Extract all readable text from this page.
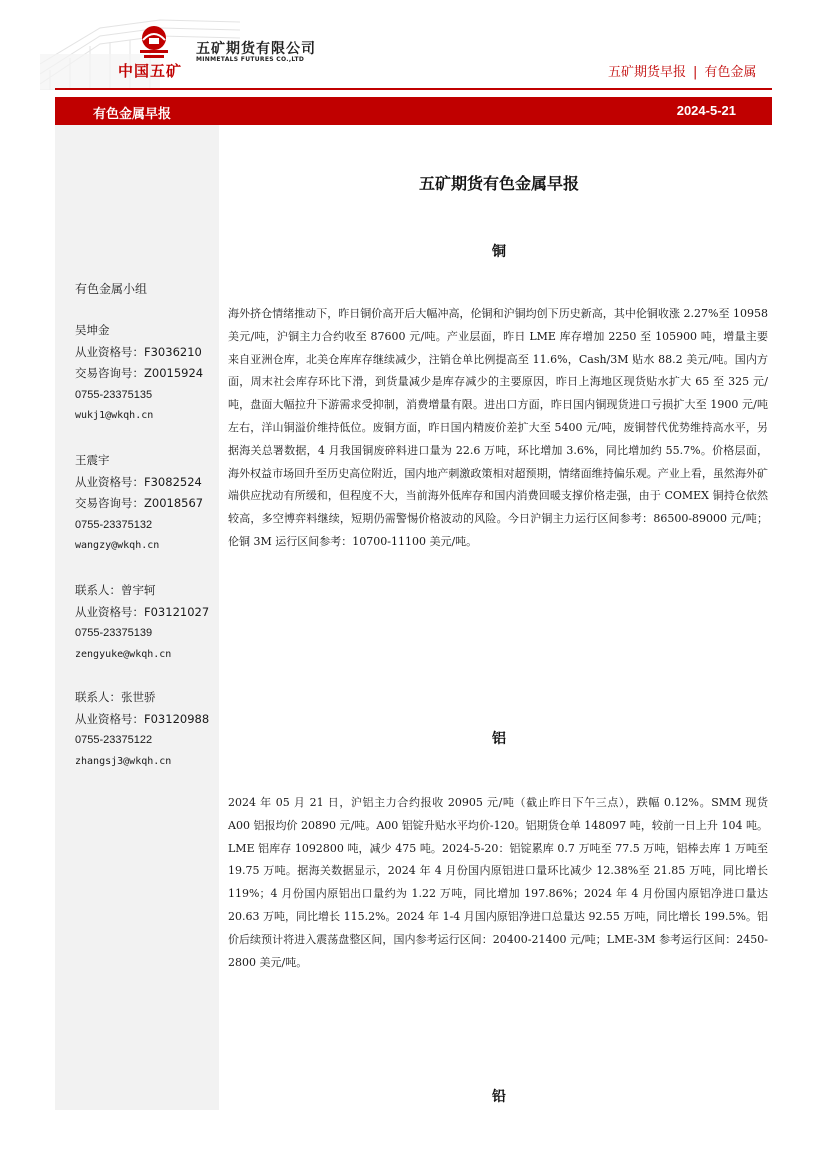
中国五矿
五矿期货有限公司
MINMETALS FUTURES CO.,LTD
五矿期货早报 | 有色金属
有色金属早报	2024-5-21
有色金属小组
吴坤金
从业资格号：F3036210
交易咨询号：Z0015924
0755-23375135
wukj1@wkqh.cn
王震宇
从业资格号：F3082524
交易咨询号：Z0018567
0755-23375132
wangzy@wkqh.cn
联系人：曾宇轲
从业资格号：F03121027
0755-23375139
zengyuke@wkqh.cn
联系人：张世骄
从业资格号：F03120988
0755-23375122
zhangsj3@wkqh.cn
五矿期货有色金属早报
铜

海外挤仓情绪推动下，昨日铜价高开后大幅冲高，伦铜和沪铜均创下历史新高，其中伦铜收涨 2.27%至 10958 美元/吨，沪铜主力合约收至 87600 元/吨。产业层面，昨日 LME 库存增加 2250 至 105900 吨，增量主要来自亚洲仓库，北美仓库库存继续减少，注销仓单比例提高至 11.6%，Cash/3M 贴水 88.2 美元/吨。国内方面，周末社会库存环比下滑，到货量减少是库存减少的主要原因，昨日上海地区现货贴水扩大 65 至 325 元/吨，盘面大幅拉升下游需求受抑制，消费增量有限。进出口方面，昨日国内铜现货进口亏损扩大至 1900 元/吨左右，洋山铜溢价维持低位。废铜方面，昨日国内精废价差扩大至 5400 元/吨，废铜替代优势维持高水平，另据海关总署数据，4 月我国铜废碎料进口量为 22.6 万吨，环比增加 3.6%，同比增加约 55.7%。价格层面，海外权益市场回升至历史高位附近，国内地产刺激政策相对超预期，情绪面维持偏乐观。产业上看，虽然海外矿端供应扰动有所缓和，但程度不大，当前海外低库存和国内消费回暖支撑价格走强，由于 COMEX 铜持仓依然较高，多空博弈料继续，短期仍需警惕价格波动的风险。今日沪铜主力运行区间参考：86500-89000 元/吨；伦铜 3M 运行区间参考：10700-11100 美元/吨。

铝

2024 年 05 月 21 日，沪铝主力合约报收 20905 元/吨（截止昨日下午三点），跌幅 0.12%。SMM 现货 A00 铝报均价 20890 元/吨。A00 铝锭升贴水平均价-120。铝期货仓单 148097 吨，较前一日上升 104 吨。LME 铝库存 1092800 吨，减少 475 吨。2024-5-20：铝锭累库 0.7 万吨至 77.5 万吨，铝棒去库 1 万吨至 19.75 万吨。据海关数据显示，2024 年 4 月份国内原铝进口量环比减少 12.38%至 21.85 万吨，同比增长 119%；4 月份国内原铝出口量约为 1.22 万吨，同比增加 197.86%；2024 年 4 月份国内原铝净进口量达 20.63 万吨，同比增长 115.2%。2024 年 1-4 月国内原铝净进口总量达 92.55 万吨，同比增长 199.5%。铝价后续预计将进入震荡盘整区间，国内参考运行区间：20400-21400 元/吨；LME-3M 参考运行区间：2450-2800 美元/吨。

铅
